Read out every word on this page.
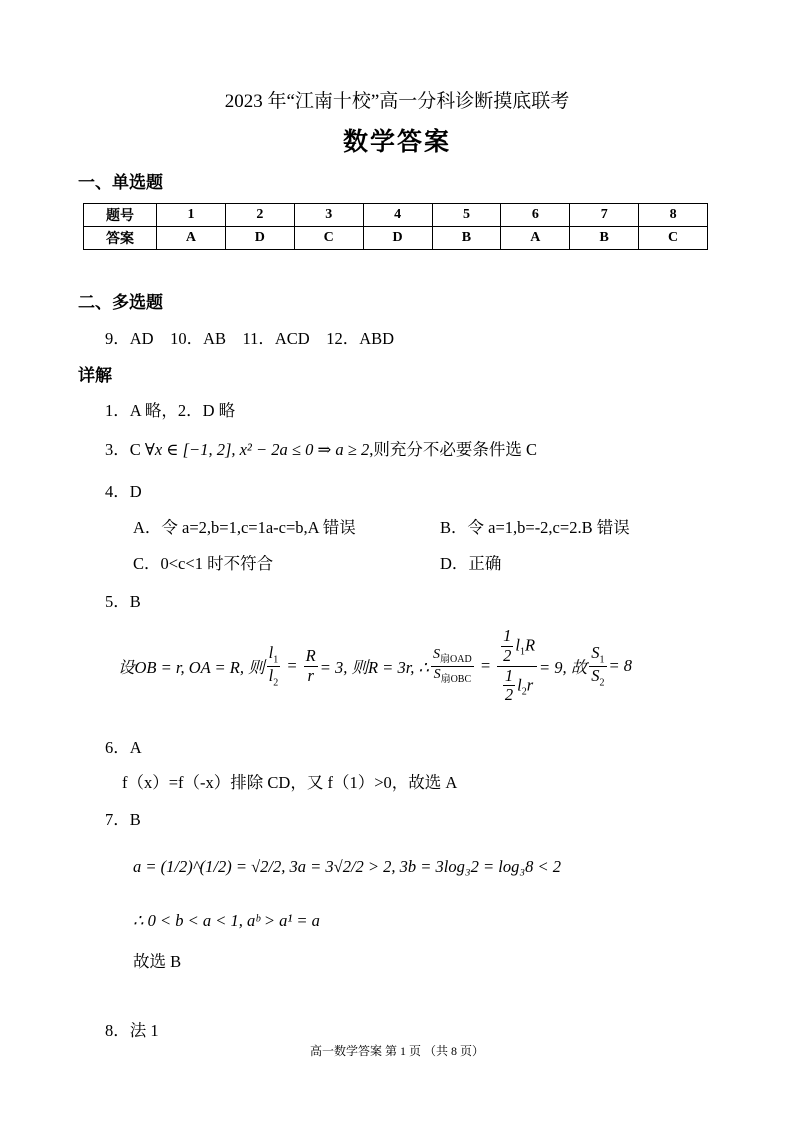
2023 年“江南十校”高一分科诊断摸底联考
数学答案
一、单选题
题号	1	2	3	4	5	6	7	8
答案	A	D	C	D	B	A	B	C
二、多选题
9．AD　10．AB　11．ACD　12．ABD
详解
1．A 略，2．D 略
3．C ∀x ∈ [−1, 2], x² − 2a ≤ 0 ⇒ a ≥ 2,则充分不必要条件选 C
4．D
A．令 a=2,b=1,c=1a-c=b,A 错误	B．令 a=1,b=-2,c=2.B 错误
C．0<c<1 时不符合	D．正确
5．B
设OB = r, OA = R, 则 $\frac{l_1}{l_2} = \frac{R}{r} = 3$, 则R = 3r, ∴ $\frac{S_{扇OAD}}{S_{扇OBC}} = \frac{\frac{1}{2} l_1R}{\frac{1}{2} l_2r} = 9$, 故 $\frac{S_1}{S_2} = 8$
6．A
f（x）=f（-x）排除 CD，又 f（1）>0，故选 A
7．B
a = (1/2)^(1/2) = √2/2, 3a = 3√2/2 > 2, 3b = 3log₃2 = log₃8 < 2
∴ 0 < b < a < 1, aᵇ > a¹ = a
故选 B
8．法 1
高一数学答案 第 1 页 （共 8 页）
